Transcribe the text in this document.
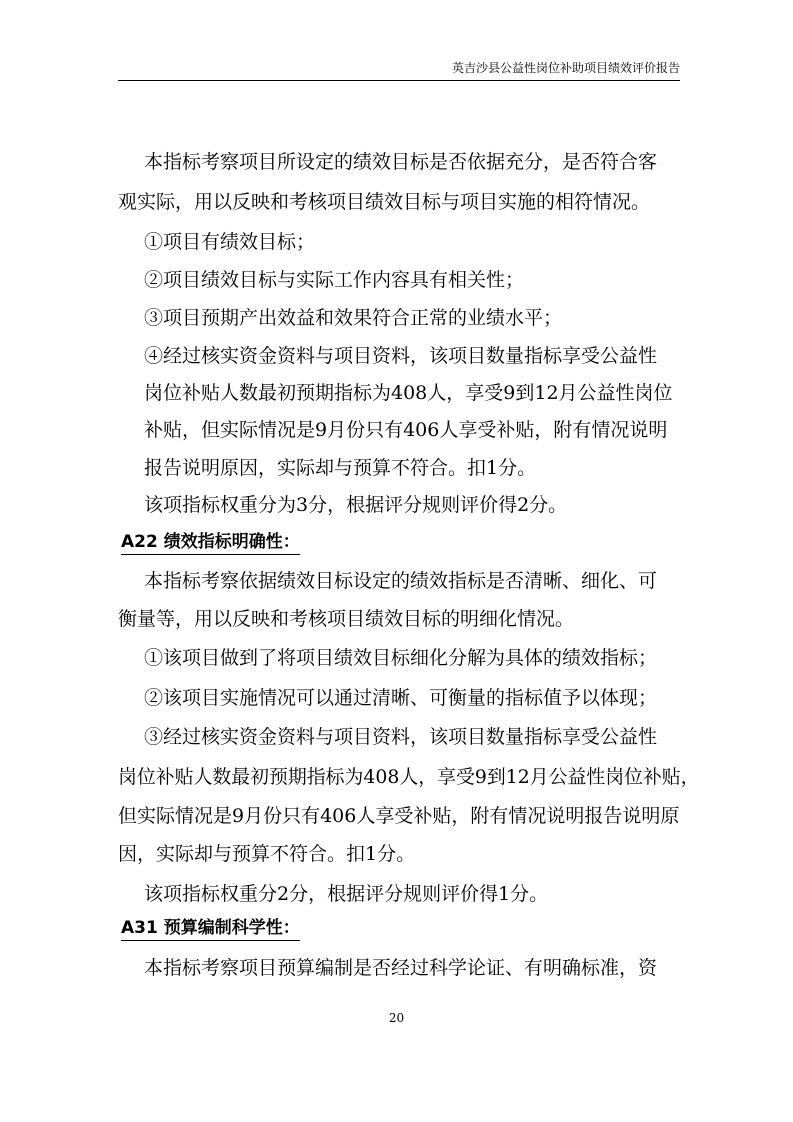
英吉沙县公益性岗位补助项目绩效评价报告
本指标考察项目所设定的绩效目标是否依据充分，是否符合客
观实际，用以反映和考核项目绩效目标与项目实施的相符情况。
①项目有绩效目标；
②项目绩效目标与实际工作内容具有相关性；
③项目预期产出效益和效果符合正常的业绩水平；
④经过核实资金资料与项目资料，该项目数量指标享受公益性
岗位补贴人数最初预期指标为408人，享受9到12月公益性岗位
补贴，但实际情况是9月份只有406人享受补贴，附有情况说明
报告说明原因，实际却与预算不符合。扣1分。
该项指标权重分为3分，根据评分规则评价得2分。
A22 绩效指标明确性：
本指标考察依据绩效目标设定的绩效指标是否清晰、细化、可
衡量等，用以反映和考核项目绩效目标的明细化情况。
①该项目做到了将项目绩效目标细化分解为具体的绩效指标；
②该项目实施情况可以通过清晰、可衡量的指标值予以体现；
③经过核实资金资料与项目资料，该项目数量指标享受公益性
岗位补贴人数最初预期指标为408人，享受9到12月公益性岗位补贴，
但实际情况是9月份只有406人享受补贴，附有情况说明报告说明原
因，实际却与预算不符合。扣1分。
该项指标权重分2分，根据评分规则评价得1分。
A31 预算编制科学性：
本指标考察项目预算编制是否经过科学论证、有明确标准，资
20
